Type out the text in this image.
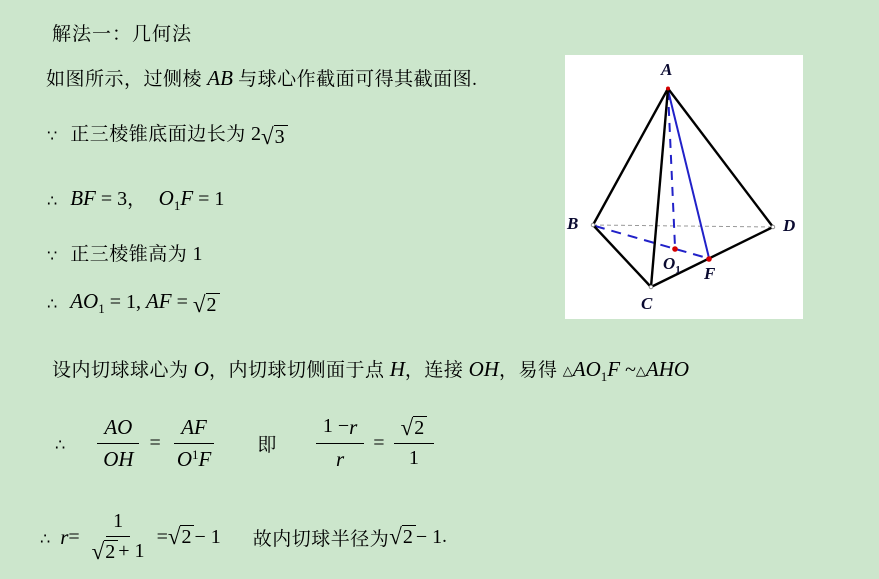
解法一：几何法
如图所示，过侧棱 AB 与球心作截面可得其截面图.
∵ 正三棱锥底面边长为 2 √ 3
∴ BF = 3， $O_1F = 1$
∵ 正三棱锥高为 1
∴ $AO_1 = 1$, AF = √ 2
设内切球球心为 O，内切球切侧面于点 H，连接 OH，易得 $\triangle AO_1F$ ~△AHO
∴ $\frac{AO}{OH} = \frac{AF}{O 1 F}$ 即 $\frac{1 - r}{r} = \frac{√ 2}{1}$
∴ $r = \frac{1}{√ 2 + 1}$ = √ 2 − 1 故内切球半径为 √ 2 − 1 .
A
B
C
D
$O_1$ F
